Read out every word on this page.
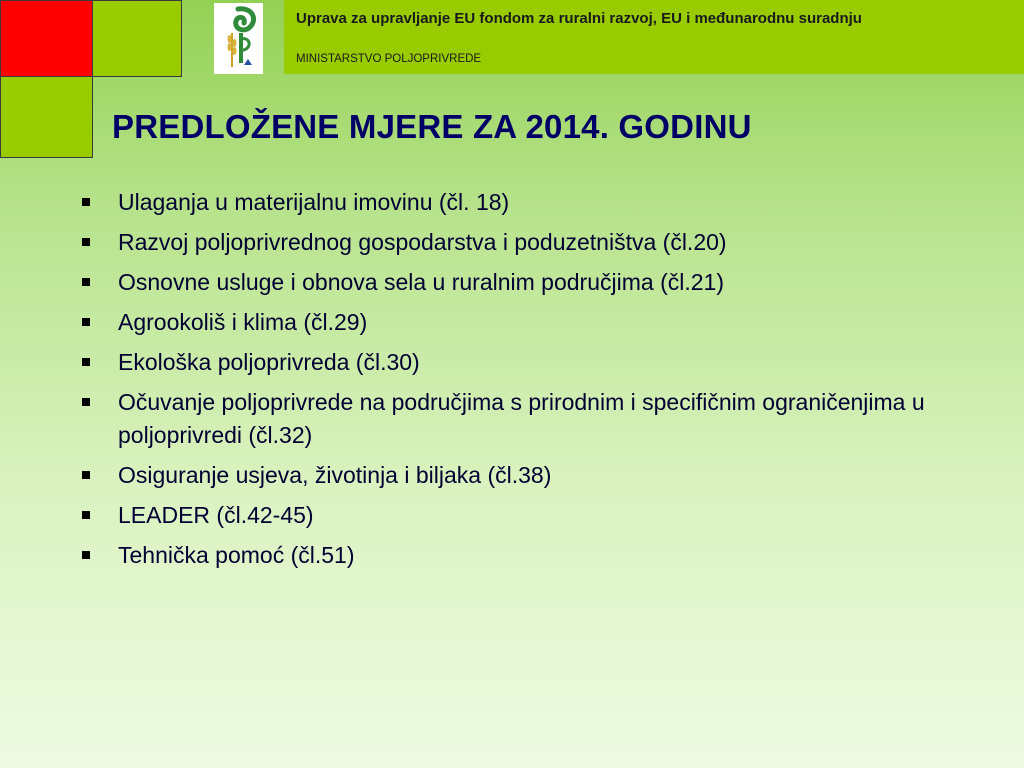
Uprava za upravljanje EU fondom za ruralni razvoj, EU i međunarodnu suradnju
MINISTARSTVO POLJOPRIVREDE
PREDLOŽENE MJERE ZA 2014. GODINU
Ulaganja u materijalnu imovinu (čl. 18)
Razvoj poljoprivrednog gospodarstva i poduzetništva (čl.20)
Osnovne usluge i obnova sela u ruralnim područjima (čl.21)
Agrookoliš i klima (čl.29)
Ekološka poljoprivreda (čl.30)
Očuvanje poljoprivrede na područjima s prirodnim i specifičnim ograničenjima u poljoprivredi (čl.32)
Osiguranje usjeva, životinja i biljaka (čl.38)
LEADER (čl.42-45)
Tehnička pomoć (čl.51)
